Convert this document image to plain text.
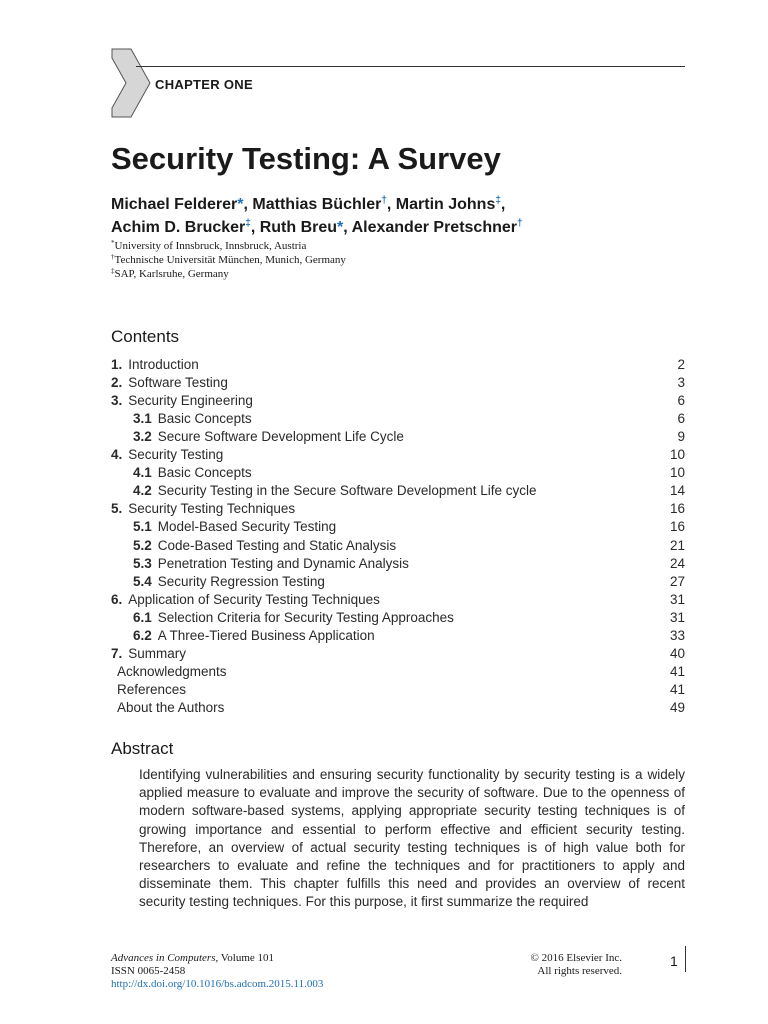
CHAPTER ONE
Security Testing: A Survey
Michael Felderer*, Matthias Büchler†, Martin Johns‡,
Achim D. Brucker‡, Ruth Breu*, Alexander Pretschner†
*University of Innsbruck, Innsbruck, Austria
†Technische Universität München, Munich, Germany
‡SAP, Karlsruhe, Germany
Contents
1. Introduction	2
2. Software Testing	3
3. Security Engineering	6
3.1 Basic Concepts	6
3.2 Secure Software Development Life Cycle	9
4. Security Testing	10
4.1 Basic Concepts	10
4.2 Security Testing in the Secure Software Development Life cycle	14
5. Security Testing Techniques	16
5.1 Model-Based Security Testing	16
5.2 Code-Based Testing and Static Analysis	21
5.3 Penetration Testing and Dynamic Analysis	24
5.4 Security Regression Testing	27
6. Application of Security Testing Techniques	31
6.1 Selection Criteria for Security Testing Approaches	31
6.2 A Three-Tiered Business Application	33
7. Summary	40
Acknowledgments	41
References	41
About the Authors	49
Abstract
Identifying vulnerabilities and ensuring security functionality by security testing is a widely applied measure to evaluate and improve the security of software. Due to the openness of modern software-based systems, applying appropriate security testing techniques is of growing importance and essential to perform effective and efficient security testing. Therefore, an overview of actual security testing techniques is of high value both for researchers to evaluate and refine the techniques and for practitioners to apply and disseminate them. This chapter fulfills this need and provides an overview of recent security testing techniques. For this purpose, it first summarize the required
Advances in Computers, Volume 101
ISSN 0065-2458
http://dx.doi.org/10.1016/bs.adcom.2015.11.003
© 2016 Elsevier Inc.
All rights reserved.
1
